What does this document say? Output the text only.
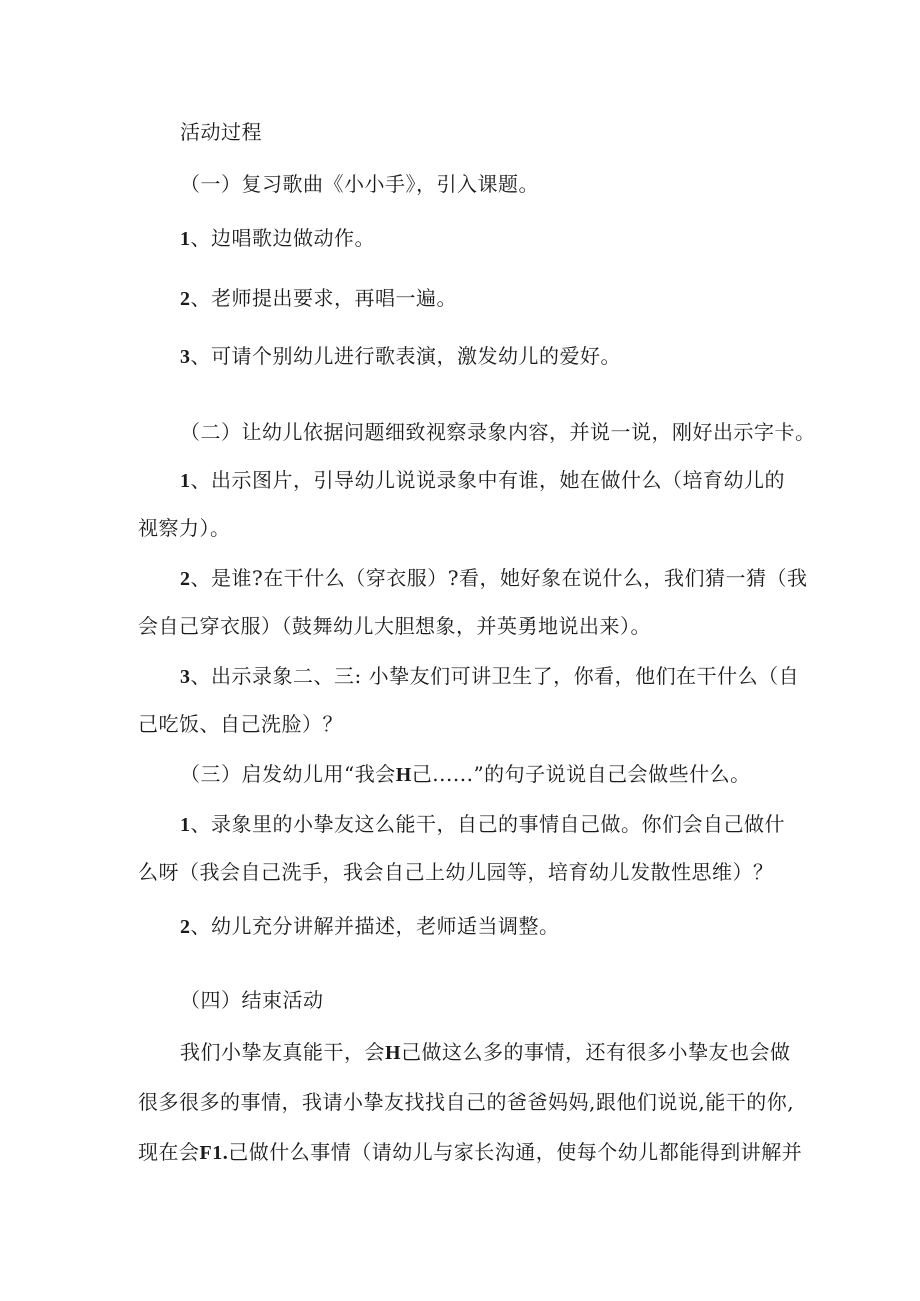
活动过程
（一）复习歌曲《小小手》，引入课题。
1、边唱歌边做动作。
2、老师提出要求，再唱一遍。
3、可请个别幼儿进行歌表演，激发幼儿的爱好。
（二）让幼儿依据问题细致视察录象内容，并说一说，刚好出示字卡。
1、出示图片，引导幼儿说说录象中有谁，她在做什么（培育幼儿的
视察力）。
2、是谁?在干什么（穿衣服）?看，她好象在说什么，我们猜一猜（我
会自己穿衣服）（鼓舞幼儿大胆想象，并英勇地说出来）。
3、出示录象二、三: 小挚友们可讲卫生了，你看，他们在干什么（自
己吃饭、自己洗脸）？
（三）启发幼儿用“我会H己......”的句子说说自己会做些什么。
1、录象里的小挚友这么能干，自己的事情自己做。你们会自己做什
么呀（我会自己洗手，我会自己上幼儿园等，培育幼儿发散性思维）？
2、幼儿充分讲解并描述，老师适当调整。
（四）结束活动
我们小挚友真能干，会H己做这么多的事情，还有很多小挚友也会做
很多很多的事情，我请小挚友找找自己的爸爸妈妈,跟他们说说,能干的你,
现在会F1.己做什么事情（请幼儿与家长沟通，使每个幼儿都能得到讲解并
